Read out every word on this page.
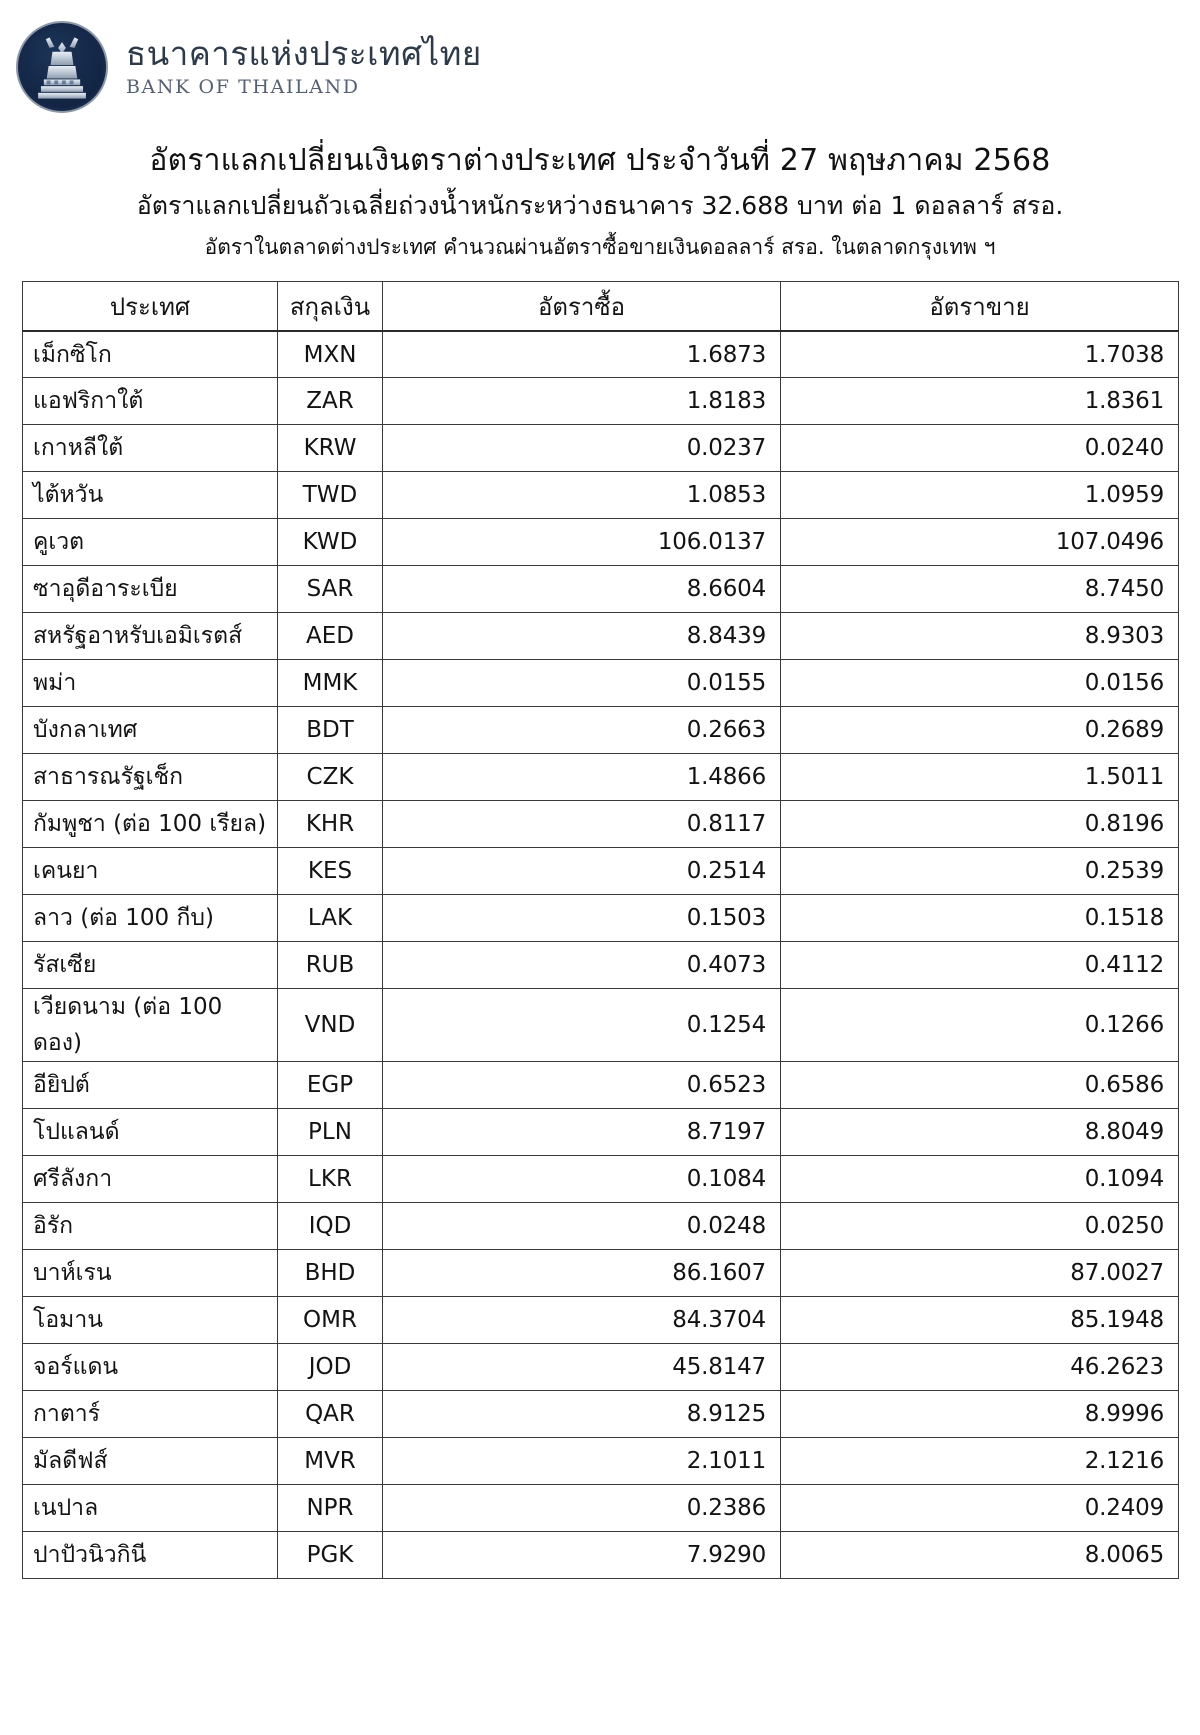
ธนาคารแห่งประเทศไทย
BANK OF THAILAND
อัตราแลกเปลี่ยนเงินตราต่างประเทศ ประจำวันที่ 27 พฤษภาคม 2568
อัตราแลกเปลี่ยนถัวเฉลี่ยถ่วงน้ำหนักระหว่างธนาคาร 32.688 บาท ต่อ 1 ดอลลาร์ สรอ.
อัตราในตลาดต่างประเทศ คำนวณผ่านอัตราซื้อขายเงินดอลลาร์ สรอ. ในตลาดกรุงเทพ ฯ
ประเทศ	สกุลเงิน	อัตราซื้อ	อัตราขาย
เม็กซิโก	MXN	1.6873	1.7038
แอฟริกาใต้	ZAR	1.8183	1.8361
เกาหลีใต้	KRW	0.0237	0.0240
ไต้หวัน	TWD	1.0853	1.0959
คูเวต	KWD	106.0137	107.0496
ซาอุดีอาระเบีย	SAR	8.6604	8.7450
สหรัฐอาหรับเอมิเรตส์	AED	8.8439	8.9303
พม่า	MMK	0.0155	0.0156
บังกลาเทศ	BDT	0.2663	0.2689
สาธารณรัฐเช็ก	CZK	1.4866	1.5011
กัมพูชา (ต่อ 100 เรียล)	KHR	0.8117	0.8196
เคนยา	KES	0.2514	0.2539
ลาว (ต่อ 100 กีบ)	LAK	0.1503	0.1518
รัสเซีย	RUB	0.4073	0.4112
เวียดนาม (ต่อ 100 ดอง)	VND	0.1254	0.1266
อียิปต์	EGP	0.6523	0.6586
โปแลนด์	PLN	8.7197	8.8049
ศรีลังกา	LKR	0.1084	0.1094
อิรัก	IQD	0.0248	0.0250
บาห์เรน	BHD	86.1607	87.0027
โอมาน	OMR	84.3704	85.1948
จอร์แดน	JOD	45.8147	46.2623
กาตาร์	QAR	8.9125	8.9996
มัลดีฟส์	MVR	2.1011	2.1216
เนปาล	NPR	0.2386	0.2409
ปาปัวนิวกินี	PGK	7.9290	8.0065
